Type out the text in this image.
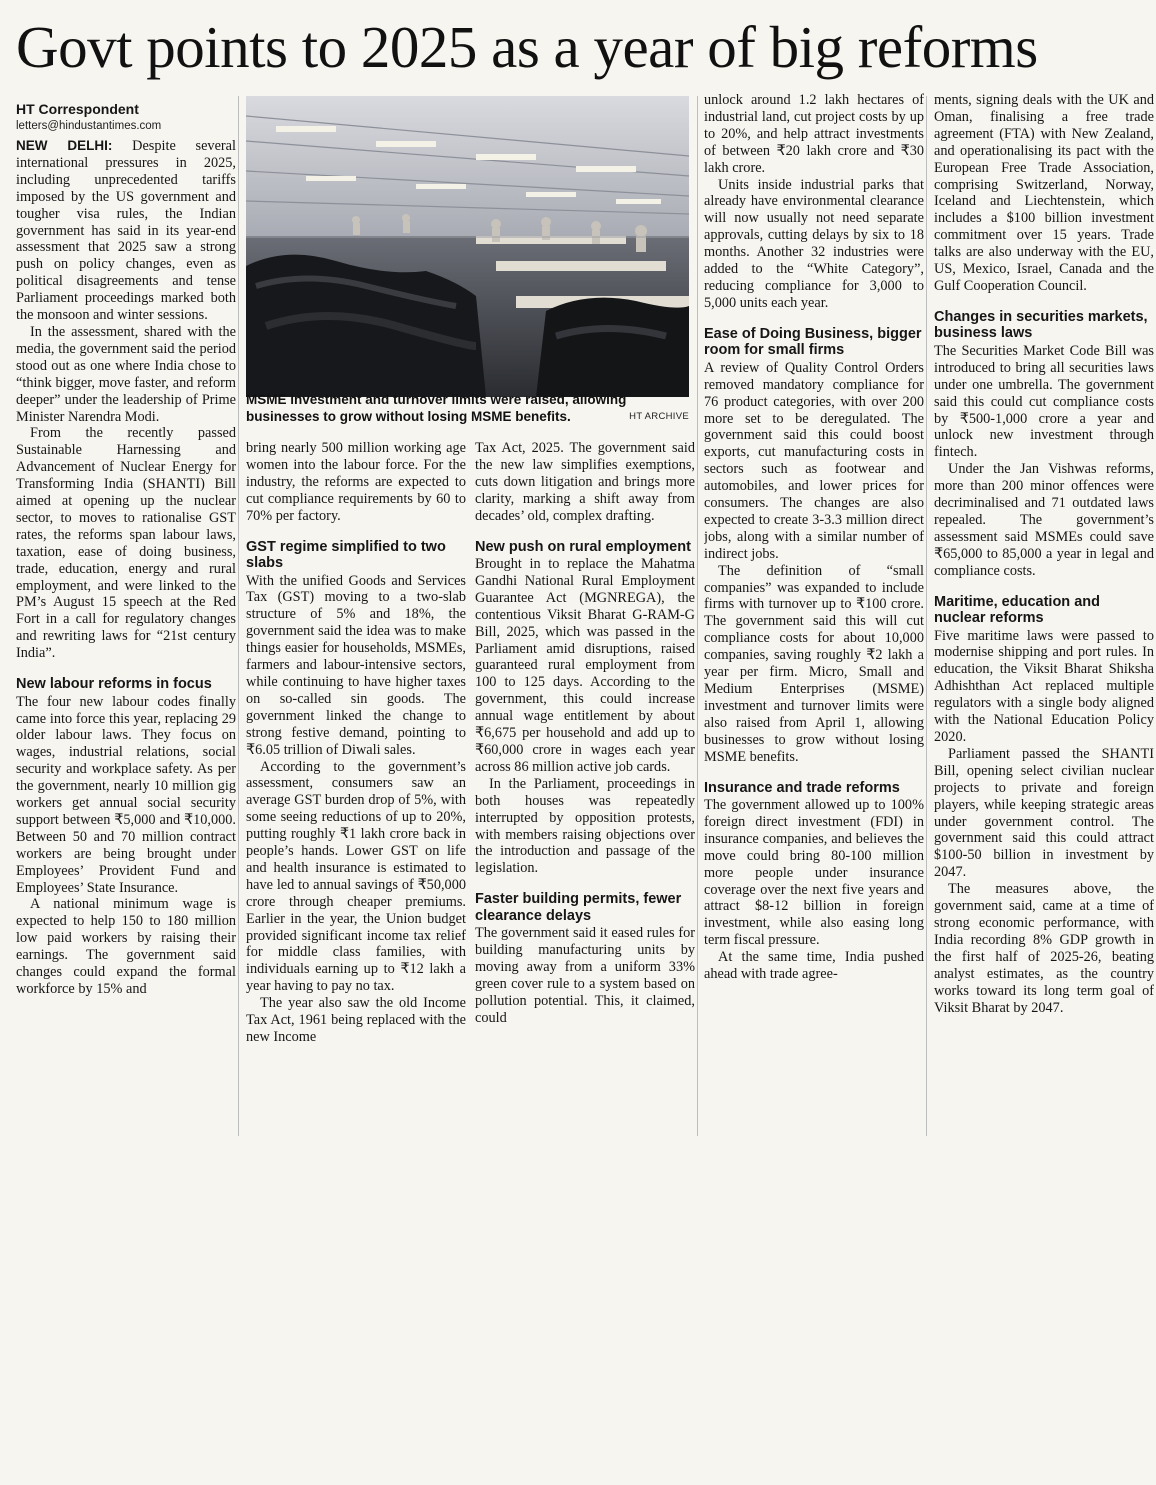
Govt points to 2025 as a year of big reforms
HT Correspondent
letters@hindustantimes.com

NEW DELHI: Despite several international pressures in 2025, including unprecedented tariffs imposed by the US government and tougher visa rules, the Indian government has said in its year-end assessment that 2025 saw a strong push on policy changes, even as political disagreements and tense Parliament proceedings marked both the monsoon and winter sessions.

In the assessment, shared with the media, the government said the period stood out as one where India chose to “think bigger, move faster, and reform deeper” under the leadership of Prime Minister Narendra Modi.

From the recently passed Sustainable Harnessing and Advancement of Nuclear Energy for Transforming India (SHANTI) Bill aimed at opening up the nuclear sector, to moves to rationalise GST rates, the reforms span labour laws, taxation, ease of doing business, trade, education, energy and rural employment, and were linked to the PM’s August 15 speech at the Red Fort in a call for regulatory changes and rewriting laws for “21st century India”.

New labour reforms in focus

The four new labour codes finally came into force this year, replacing 29 older labour laws. They focus on wages, industrial relations, social security and workplace safety. As per the government, nearly 10 million gig workers get annual social security support between ₹5,000 and ₹10,000. Between 50 and 70 million contract workers are being brought under Employees’ Provident Fund and Employees’ State Insurance.

A national minimum wage is expected to help 150 to 180 million low paid workers by raising their earnings. The government said changes could expand the formal workforce by 15% and

MSME investment and turnover limits were raised, allowing businesses to grow without losing MSME benefits.	HT ARCHIVE

bring nearly 500 million working age women into the labour force. For the industry, the reforms are expected to cut compliance requirements by 60 to 70% per factory.

GST regime simplified to two slabs

With the unified Goods and Services Tax (GST) moving to a two-slab structure of 5% and 18%, the government said the idea was to make things easier for households, MSMEs, farmers and labour-intensive sectors, while continuing to have higher taxes on so-called sin goods. The government linked the change to strong festive demand, pointing to ₹6.05 trillion of Diwali sales.

According to the government’s assessment, consumers saw an average GST burden drop of 5%, with some seeing reductions of up to 20%, putting roughly ₹1 lakh crore back in people’s hands. Lower GST on life and health insurance is estimated to have led to annual savings of ₹50,000 crore through cheaper premiums. Earlier in the year, the Union budget provided significant income tax relief for middle class families, with individuals earning up to ₹12 lakh a year having to pay no tax.

The year also saw the old Income Tax Act, 1961 being replaced with the new Income

Tax Act, 2025. The government said the new law simplifies exemptions, cuts down litigation and brings more clarity, marking a shift away from decades’ old, complex drafting.

New push on rural employment

Brought in to replace the Mahatma Gandhi National Rural Employment Guarantee Act (MGNREGA), the contentious Viksit Bharat G-RAM-G Bill, 2025, which was passed in the Parliament amid disruptions, raised guaranteed rural employment from 100 to 125 days. According to the government, this could increase annual wage entitlement by about ₹6,675 per household and add up to ₹60,000 crore in wages each year across 86 million active job cards.

In the Parliament, proceedings in both houses was repeatedly interrupted by opposition protests, with members raising objections over the introduction and passage of the legislation.

Faster building permits, fewer clearance delays

The government said it eased rules for building manufacturing units by moving away from a uniform 33% green cover rule to a system based on pollution potential. This, it claimed, could

unlock around 1.2 lakh hectares of industrial land, cut project costs by up to 20%, and help attract investments of between ₹20 lakh crore and ₹30 lakh crore.

Units inside industrial parks that already have environmental clearance will now usually not need separate approvals, cutting delays by six to 18 months. Another 32 industries were added to the “White Category”, reducing compliance for 3,000 to 5,000 units each year.

Ease of Doing Business, bigger room for small firms

A review of Quality Control Orders removed mandatory compliance for 76 product categories, with over 200 more set to be deregulated. The government said this could boost exports, cut manufacturing costs in sectors such as footwear and automobiles, and lower prices for consumers. The changes are also expected to create 3-3.3 million direct jobs, along with a similar number of indirect jobs.

The definition of “small companies” was expanded to include firms with turnover up to ₹100 crore. The government said this will cut compliance costs for about 10,000 companies, saving roughly ₹2 lakh a year per firm. Micro, Small and Medium Enterprises (MSME) investment and turnover limits were also raised from April 1, allowing businesses to grow without losing MSME benefits.

Insurance and trade reforms

The government allowed up to 100% foreign direct investment (FDI) in insurance companies, and believes the move could bring 80-100 million more people under insurance coverage over the next five years and attract $8-12 billion in foreign investment, while also easing long term fiscal pressure.

At the same time, India pushed ahead with trade agree-

ments, signing deals with the UK and Oman, finalising a free trade agreement (FTA) with New Zealand, and operationalising its pact with the European Free Trade Association, comprising Switzerland, Norway, Iceland and Liechtenstein, which includes a $100 billion investment commitment over 15 years. Trade talks are also underway with the EU, US, Mexico, Israel, Canada and the Gulf Cooperation Council.

Changes in securities markets, business laws

The Securities Market Code Bill was introduced to bring all securities laws under one umbrella. The government said this could cut compliance costs by ₹500-1,000 crore a year and unlock new investment through fintech.

Under the Jan Vishwas reforms, more than 200 minor offences were decriminalised and 71 outdated laws repealed. The government’s assessment said MSMEs could save ₹65,000 to 85,000 a year in legal and compliance costs.

Maritime, education and nuclear reforms

Five maritime laws were passed to modernise shipping and port rules. In education, the Viksit Bharat Shiksha Adhishthan Act replaced multiple regulators with a single body aligned with the National Education Policy 2020.

Parliament passed the SHANTI Bill, opening select civilian nuclear projects to private and foreign players, while keeping strategic areas under government control. The government said this could attract $100-50 billion in investment by 2047.

The measures above, the government said, came at a time of strong economic performance, with India recording 8% GDP growth in the first half of 2025-26, beating analyst estimates, as the country works toward its long term goal of Viksit Bharat by 2047.
